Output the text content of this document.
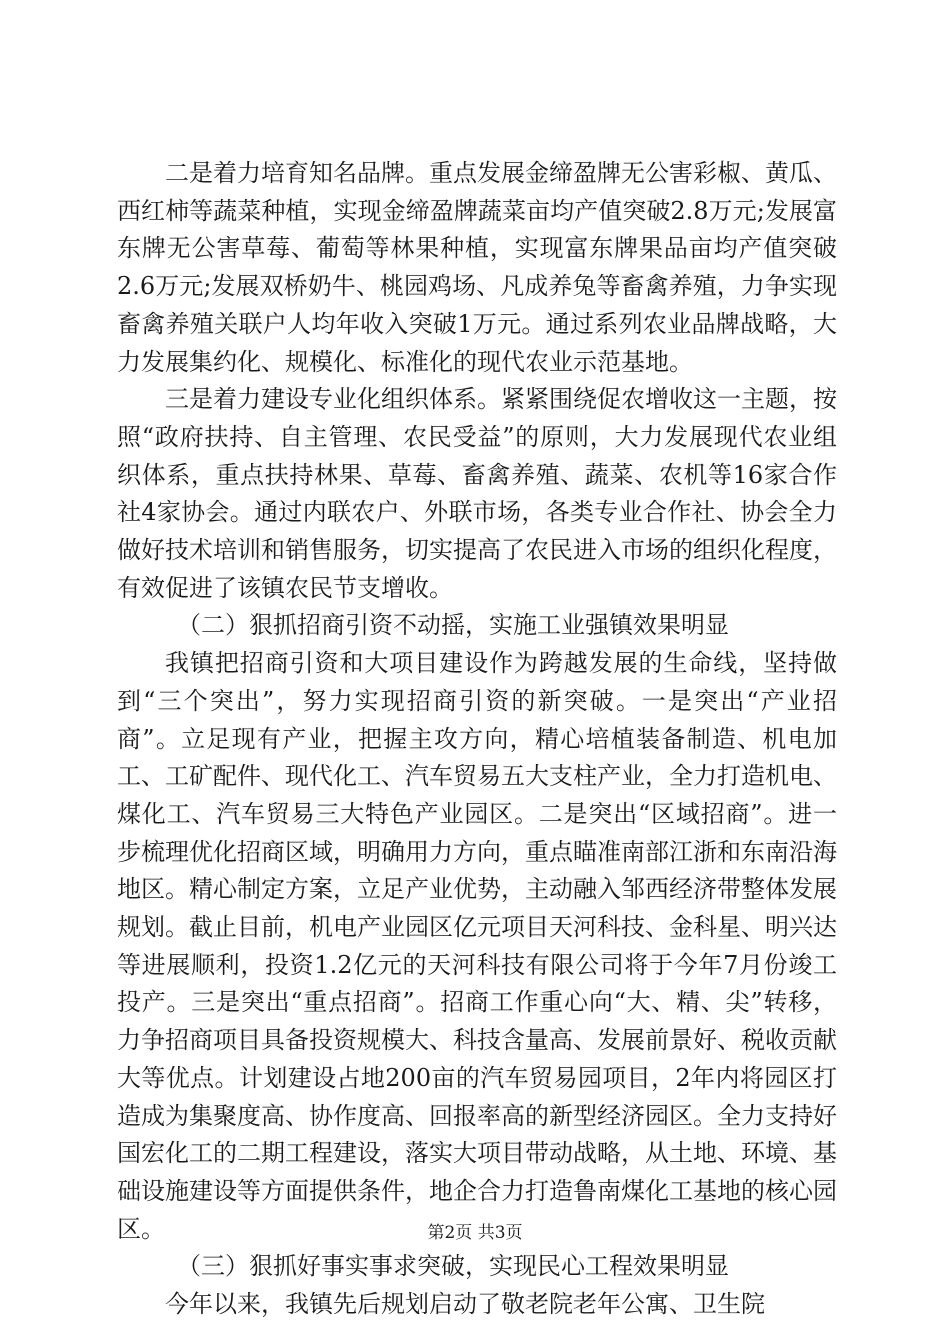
二是着力培育知名品牌。重点发展金缔盈牌无公害彩椒、黄瓜、西红柿等蔬菜种植，实现金缔盈牌蔬菜亩均产值突破2.8万元;发展富东牌无公害草莓、葡萄等林果种植，实现富东牌果品亩均产值突破2.6万元;发展双桥奶牛、桃园鸡场、凡成养兔等畜禽养殖，力争实现畜禽养殖关联户人均年收入突破1万元。通过系列农业品牌战略，大力发展集约化、规模化、标准化的现代农业示范基地。

三是着力建设专业化组织体系。紧紧围绕促农增收这一主题，按照“政府扶持、自主管理、农民受益”的原则，大力发展现代农业组织体系，重点扶持林果、草莓、畜禽养殖、蔬菜、农机等16家合作社4家协会。通过内联农户、外联市场，各类专业合作社、协会全力做好技术培训和销售服务，切实提高了农民进入市场的组织化程度，有效促进了该镇农民节支增收。

（二）狠抓招商引资不动摇，实施工业强镇效果明显

我镇把招商引资和大项目建设作为跨越发展的生命线，坚持做到“三个突出”，努力实现招商引资的新突破。一是突出“产业招商”。立足现有产业，把握主攻方向，精心培植装备制造、机电加工、工矿配件、现代化工、汽车贸易五大支柱产业，全力打造机电、煤化工、汽车贸易三大特色产业园区。二是突出“区域招商”。进一步梳理优化招商区域，明确用力方向，重点瞄准南部江浙和东南沿海地区。精心制定方案，立足产业优势，主动融入邹西经济带整体发展规划。截止目前，机电产业园区亿元项目天河科技、金科星、明兴达等进展顺利，投资1.2亿元的天河科技有限公司将于今年7月份竣工投产。三是突出“重点招商”。招商工作重心向“大、精、尖”转移，力争招商项目具备投资规模大、科技含量高、发展前景好、税收贡献大等优点。计划建设占地200亩的汽车贸易园项目，2年内将园区打造成为集聚度高、协作度高、回报率高的新型经济园区。全力支持好国宏化工的二期工程建设，落实大项目带动战略，从土地、环境、基础设施建设等方面提供条件，地企合力打造鲁南煤化工基地的核心园区。

（三）狠抓好事实事求突破，实现民心工程效果明显

今年以来，我镇先后规划启动了敬老院老年公寓、卫生院

第2页 共3页
